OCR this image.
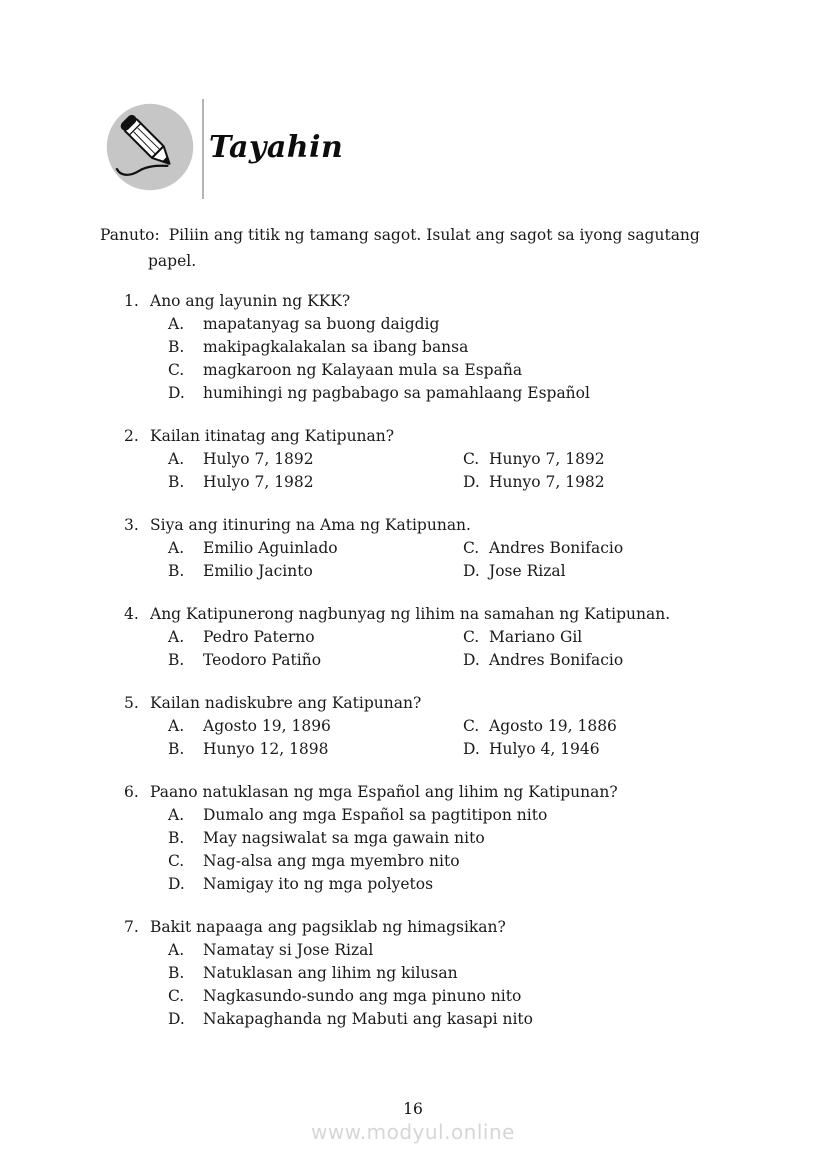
Tayahin

Panuto: Piliin ang titik ng tamang sagot. Isulat ang sagot sa iyong sagutang papel.

1. Ano ang layunin ng KKK?
A.	mapatanyag sa buong daigdig
B.	makipagkalakalan sa ibang bansa
C.	magkaroon ng Kalayaan mula sa España
D.	humihingi ng pagbabago sa pamahlaang Español
2. Kailan itinatag ang Katipunan?
A.	Hulyo 7, 1892	C. Hunyo 7, 1892
B.	Hulyo 7, 1982	D. Hunyo 7, 1982
3. Siya ang itinuring na Ama ng Katipunan.
A.	Emilio Aguinlado	C. Andres Bonifacio
B.	Emilio Jacinto	D. Jose Rizal
4. Ang Katipunerong nagbunyag ng lihim na samahan ng Katipunan.
A.	Pedro Paterno	C. Mariano Gil
B.	Teodoro Patiño	D. Andres Bonifacio
5. Kailan nadiskubre ang Katipunan?
A.	Agosto 19, 1896	C. Agosto 19, 1886
B.	Hunyo 12, 1898	D. Hulyo 4, 1946
6. Paano natuklasan ng mga Español ang lihim ng Katipunan?
A.	Dumalo ang mga Español sa pagtitipon nito
B.	May nagsiwalat sa mga gawain nito
C.	Nag-alsa ang mga myembro nito
D.	Namigay ito ng mga polyetos
7. Bakit napaaga ang pagsiklab ng himagsikan?
A.	Namatay si Jose Rizal
B.	Natuklasan ang lihim ng kilusan
C.	Nagkasundo-sundo ang mga pinuno nito
D.	Nakapaghanda ng Mabuti ang kasapi nito
16
www.modyul.online
